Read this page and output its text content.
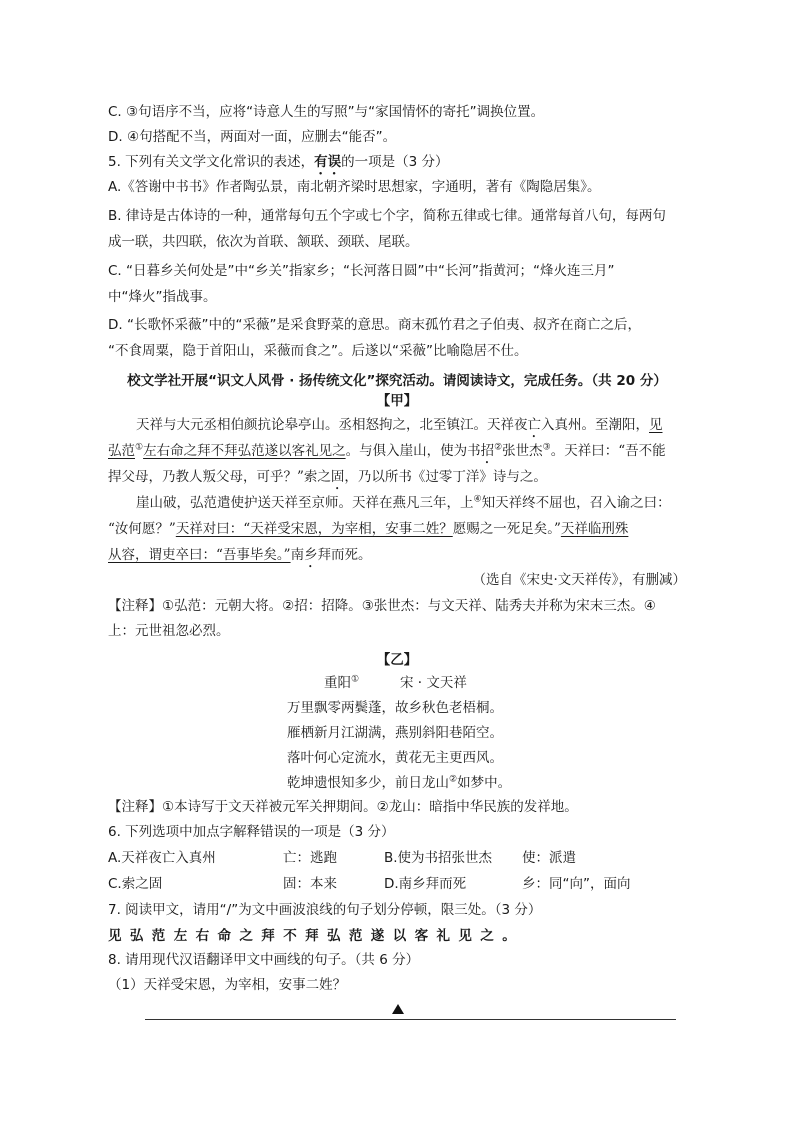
C. ③句语序不当，应将“诗意人生的写照”与“家国情怀的寄托”调换位置。
D. ④句搭配不当，两面对一面，应删去“能否”。
5. 下列有关文学文化常识的表述，有误的一项是（3 分）
A.《答谢中书书》作者陶弘景，南北朝齐梁时思想家，字通明，著有《陶隐居集》。
B. 律诗是古体诗的一种，通常每句五个字或七个字，简称五律或七律。通常每首八句，每两句
成一联，共四联，依次为首联、颔联、颈联、尾联。
C. “日暮乡关何处是”中“乡关”指家乡；“长河落日圆”中“长河”指黄河；“烽火连三月”
中“烽火”指战事。
D. “长歌怀采薇”中的“采薇”是采食野菜的意思。商末孤竹君之子伯夷、叔齐在商亡之后，
“不食周粟，隐于首阳山，采薇而食之”。后遂以“采薇”比喻隐居不仕。
校文学社开展“识文人风骨 · 扬传统文化”探究活动。请阅读诗文，完成任务。（共 20 分）
【甲】
天祥与大元丞相伯颜抗论皋亭山。丞相怒拘之，北至镇江。天祥夜亡入真州。至潮阳，见
弘范①左右命之拜不拜弘范遂以客礼见之。与俱入崖山，使为书招②张世杰③。天祥曰：“吾不能
捍父母，乃教人叛父母，可乎？”索之固，乃以所书《过零丁洋》诗与之。
崖山破，弘范遣使护送天祥至京师。天祥在燕凡三年，上④知天祥终不屈也，召入谕之曰：
“汝何愿？”天祥对曰：“天祥受宋恩，为宰相，安事二姓？愿赐之一死足矣。”天祥临刑殊
从容，谓吏卒曰：“吾事毕矣。”南乡拜而死。
（选自《宋史·文天祥传》，有删减）
【注释】①弘范：元朝大将。②招：招降。③张世杰：与文天祥、陆秀夫并称为宋末三杰。④
上：元世祖忽必烈。
【乙】
重阳①	宋 · 文天祥
万里飘零两鬓蓬，故乡秋色老梧桐。
雁栖新月江湖满，燕别斜阳巷陌空。
落叶何心定流水，黄花无主更西风。
乾坤遗恨知多少，前日龙山②如梦中。
【注释】①本诗写于文天祥被元军关押期间。②龙山：暗指中华民族的发祥地。
6. 下列选项中加点字解释错误的一项是（3 分）
A.天祥夜亡入真州	亡：逃跑	B.使为书招张世杰 使：派遣
C.索之固	固：本来	D.南乡拜而死	乡：同“向”，面向
7. 阅读甲文，请用“/”为文中画波浪线的句子划分停顿，限三处。（3 分）
见弘范左右命之拜不拜弘范遂以客礼见之。
8. 请用现代汉语翻译甲文中画线的句子。（共 6 分）
（1）天祥受宋恩，为宰相，安事二姓？
